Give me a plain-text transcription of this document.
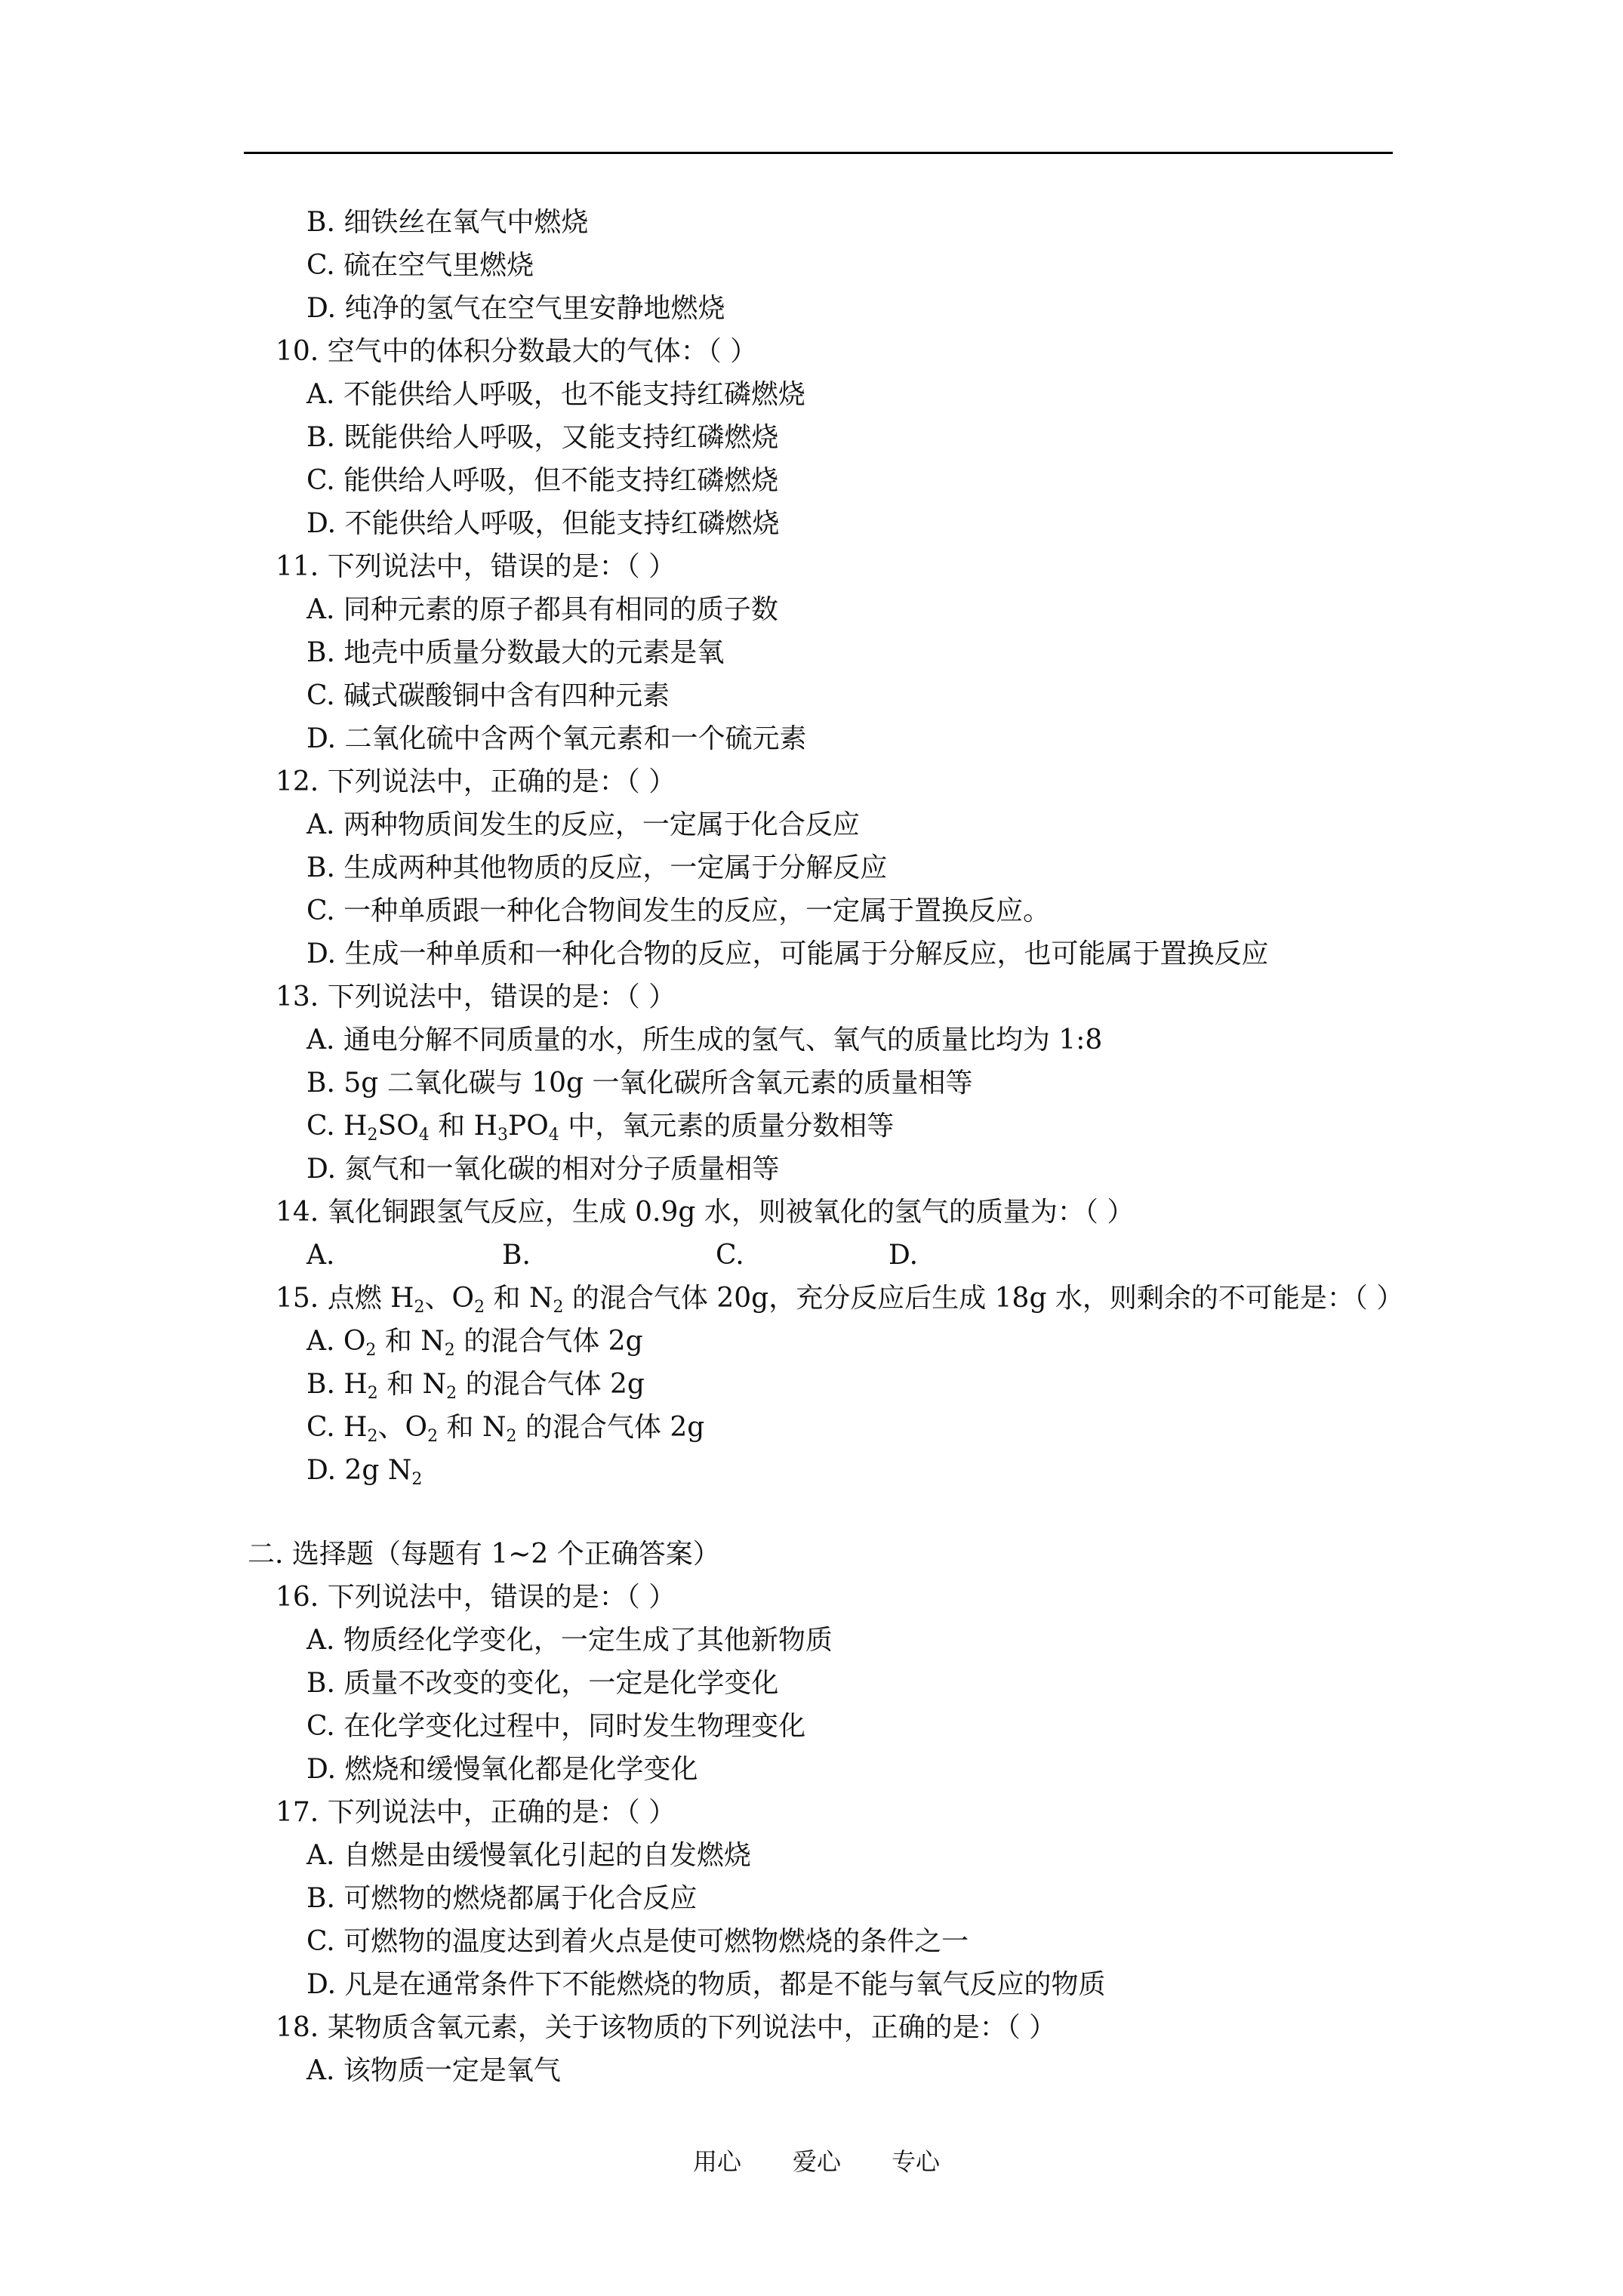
B. 细铁丝在氧气中燃烧
C. 硫在空气里燃烧
D. 纯净的氢气在空气里安静地燃烧
10. 空气中的体积分数最大的气体：（ ）
A. 不能供给人呼吸，也不能支持红磷燃烧
B. 既能供给人呼吸，又能支持红磷燃烧
C. 能供给人呼吸，但不能支持红磷燃烧
D. 不能供给人呼吸，但能支持红磷燃烧
11. 下列说法中，错误的是：（ ）
A. 同种元素的原子都具有相同的质子数
B. 地壳中质量分数最大的元素是氧
C. 碱式碳酸铜中含有四种元素
D. 二氧化硫中含两个氧元素和一个硫元素
12. 下列说法中，正确的是：（ ）
A. 两种物质间发生的反应，一定属于化合反应
B. 生成两种其他物质的反应，一定属于分解反应
C. 一种单质跟一种化合物间发生的反应，一定属于置换反应。
D. 生成一种单质和一种化合物的反应，可能属于分解反应，也可能属于置换反应
13. 下列说法中，错误的是：（ ）
A. 通电分解不同质量的水，所生成的氢气、氧气的质量比均为 1:8
B. 5g 二氧化碳与 10g 一氧化碳所含氧元素的质量相等
C. $H_2SO_4$ 和 $H_3PO_4$ 中，氧元素的质量分数相等
D. 氮气和一氧化碳的相对分子质量相等
14. 氧化铜跟氢气反应，生成 0.9g 水，则被氧化的氢气的质量为：（ ）
A.	B.	C.	D.
15. 点燃 $H_2$、$O_2$ 和 $N_2$ 的混合气体 20g，充分反应后生成 18g 水，则剩余的不可能是：（ ）
A. $O_2$ 和 $N_2$ 的混合气体 2g
B. $H_2$ 和 $N_2$ 的混合气体 2g
C. $H_2$、$O_2$ 和 $N_2$ 的混合气体 2g
D. 2g $N_2$
二. 选择题（每题有 1~2 个正确答案）
16. 下列说法中，错误的是：（ ）
A. 物质经化学变化，一定生成了其他新物质
B. 质量不改变的变化，一定是化学变化
C. 在化学变化过程中，同时发生物理变化
D. 燃烧和缓慢氧化都是化学变化
17. 下列说法中，正确的是：（ ）
A. 自燃是由缓慢氧化引起的自发燃烧
B. 可燃物的燃烧都属于化合反应
C. 可燃物的温度达到着火点是使可燃物燃烧的条件之一
D. 凡是在通常条件下不能燃烧的物质，都是不能与氧气反应的物质
18. 某物质含氧元素，关于该物质的下列说法中，正确的是：（ ）
A. 该物质一定是氧气
用心 爱心 专心
